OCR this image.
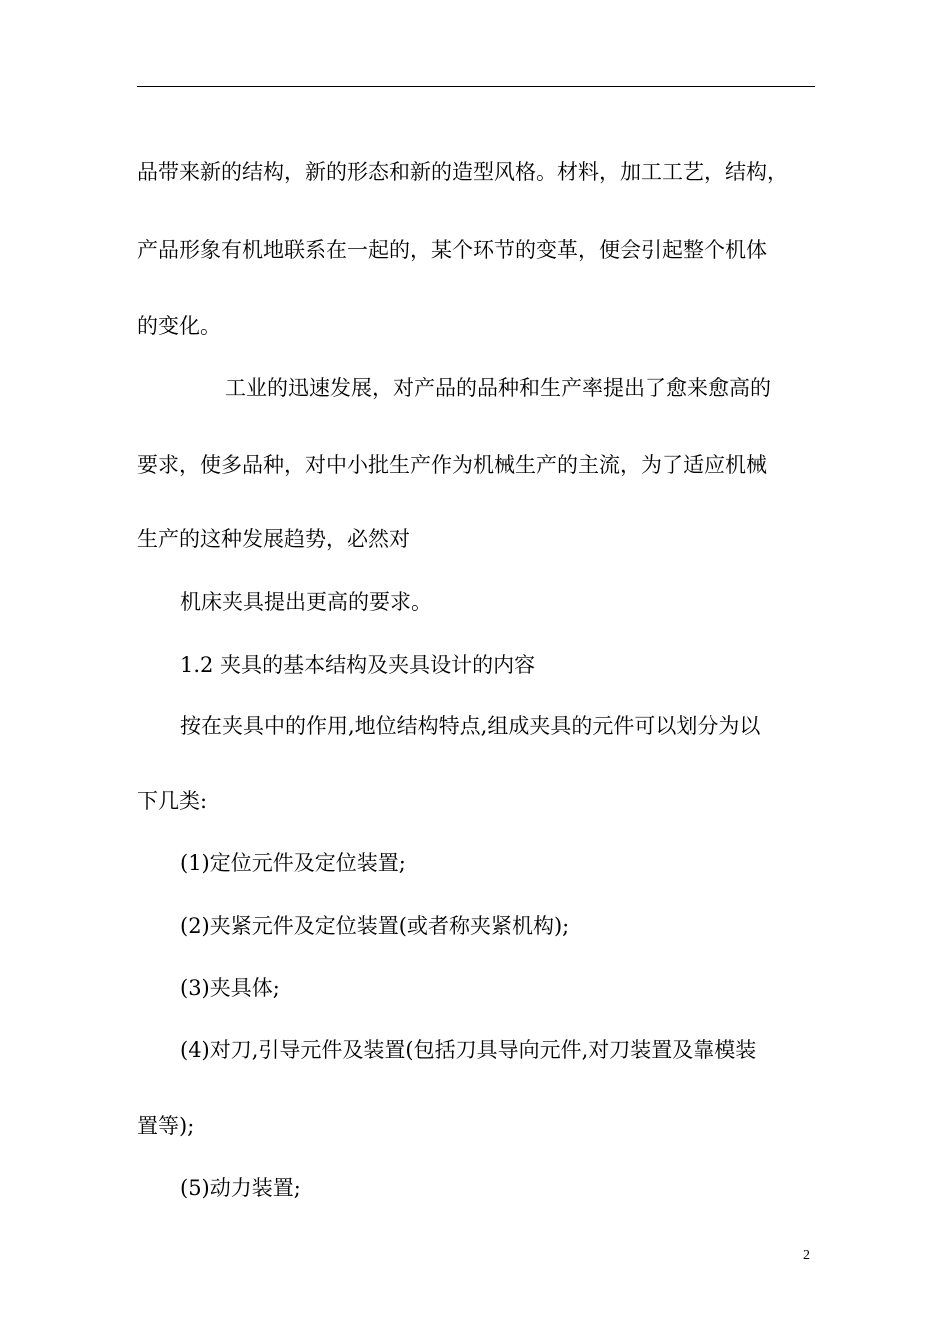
品带来新的结构，新的形态和新的造型风格。材料，加工工艺，结构，

产品形象有机地联系在一起的，某个环节的变革，便会引起整个机体

的变化。

工业的迅速发展，对产品的品种和生产率提出了愈来愈高的

要求，使多品种，对中小批生产作为机械生产的主流，为了适应机械

生产的这种发展趋势，必然对

机床夹具提出更高的要求。

1.2 夹具的基本结构及夹具设计的内容

按在夹具中的作用,地位结构特点,组成夹具的元件可以划分为以

下几类:

(1)定位元件及定位装置;

(2)夹紧元件及定位装置(或者称夹紧机构);

(3)夹具体;

(4)对刀,引导元件及装置(包括刀具导向元件,对刀装置及靠模装

置等);

(5)动力装置;

2
